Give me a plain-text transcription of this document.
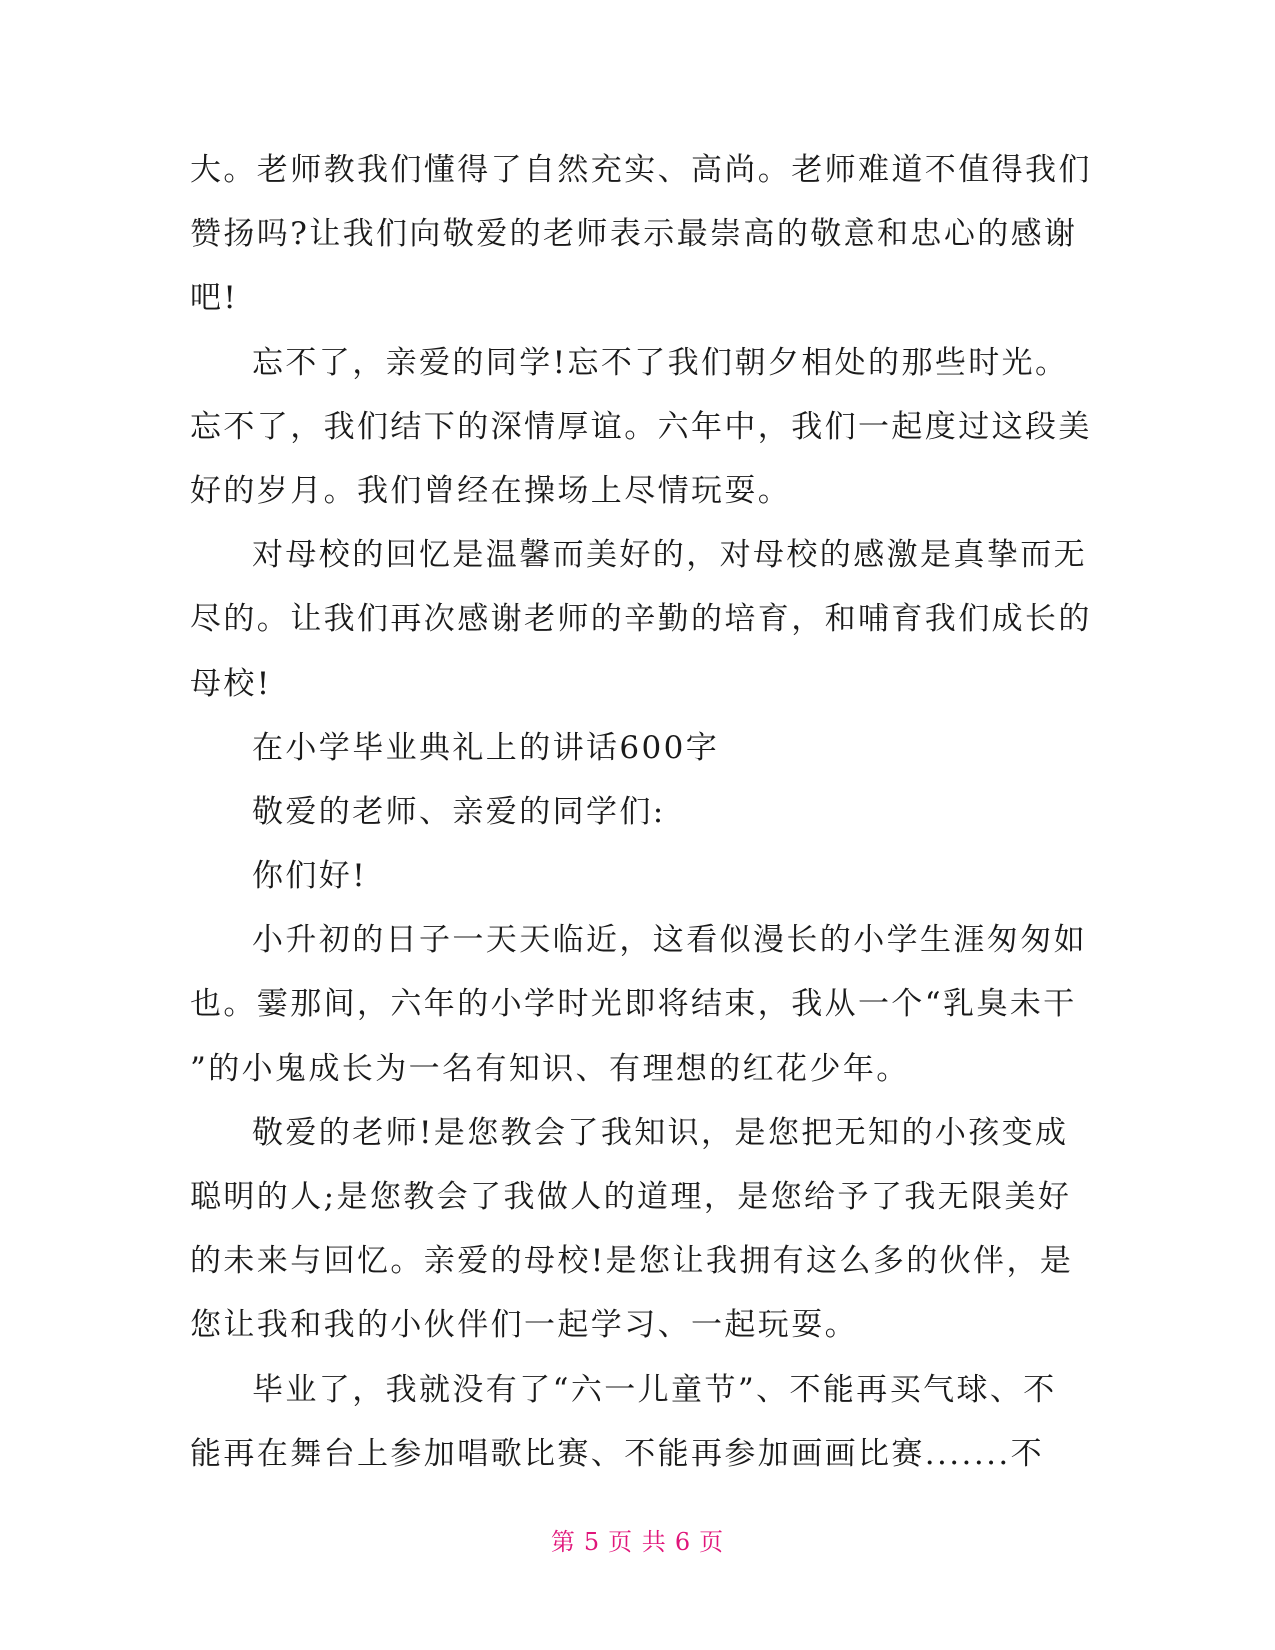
大。老师教我们懂得了自然充实、高尚。老师难道不值得我们
赞扬吗?让我们向敬爱的老师表示最崇高的敬意和忠心的感谢
吧!
忘不了，亲爱的同学!忘不了我们朝夕相处的那些时光。
忘不了，我们结下的深情厚谊。六年中，我们一起度过这段美
好的岁月。我们曾经在操场上尽情玩耍。
对母校的回忆是温馨而美好的，对母校的感激是真挚而无
尽的。让我们再次感谢老师的辛勤的培育，和哺育我们成长的
母校!
在小学毕业典礼上的讲话600字
敬爱的老师、亲爱的同学们:
你们好!
小升初的日子一天天临近，这看似漫长的小学生涯匆匆如
也。霎那间，六年的小学时光即将结束，我从一个“乳臭未干
”的小鬼成长为一名有知识、有理想的红花少年。
敬爱的老师!是您教会了我知识，是您把无知的小孩变成
聪明的人;是您教会了我做人的道理，是您给予了我无限美好
的未来与回忆。亲爱的母校!是您让我拥有这么多的伙伴，是
您让我和我的小伙伴们一起学习、一起玩耍。
毕业了，我就没有了“六一儿童节”、不能再买气球、不
能再在舞台上参加唱歌比赛、不能再参加画画比赛.......不
第 5 页 共 6 页
